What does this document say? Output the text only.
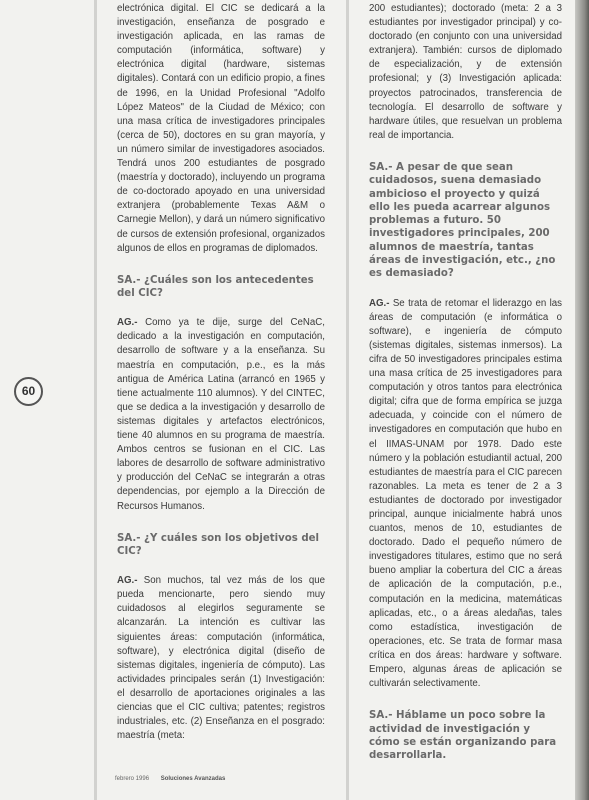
60

electrónica digital. El CIC se dedicará a la investigación, enseñanza de posgrado e investigación aplicada, en las ramas de computación (informática, software) y electrónica digital (hardware, sistemas digitales). Contará con un edificio propio, a fines de 1996, en la Unidad Profesional "Adolfo López Mateos" de la Ciudad de México; con una masa crítica de investigadores principales (cerca de 50), doctores en su gran mayoría, y un número similar de investigadores asociados. Tendrá unos 200 estudiantes de posgrado (maestría y doctorado), incluyendo un programa de co-doctorado apoyado en una universidad extranjera (probablemente Texas A&M o Carnegie Mellon), y dará un número significativo de cursos de extensión profesional, organizados algunos de ellos en programas de diplomados.

SA.- ¿Cuáles son los antecedentes del CIC?

AG.- Como ya te dije, surge del CeNaC, dedicado a la investigación en computación, desarrollo de software y a la enseñanza. Su maestría en computación, p.e., es la más antigua de América Latina (arrancó en 1965 y tiene actualmente 110 alumnos). Y del CINTEC, que se dedica a la investigación y desarrollo de sistemas digitales y artefactos electrónicos, tiene 40 alumnos en su programa de maestría. Ambos centros se fusionan en el CIC. Las labores de desarrollo de software administrativo y producción del CeNaC se integrarán a otras dependencias, por ejemplo a la Dirección de Recursos Humanos.

SA.- ¿Y cuáles son los objetivos del CIC?

AG.- Son muchos, tal vez más de los que pueda mencionarte, pero siendo muy cuidadosos al elegirlos seguramente se alcanzarán. La intención es cultivar las siguientes áreas: computación (informática, software), y electrónica digital (diseño de sistemas digitales, ingeniería de cómputo). Las actividades principales serán (1) Investigación: el desarrollo de aportaciones originales a las ciencias que el CIC cultiva; patentes; registros industriales, etc. (2) Enseñanza en el posgrado: maestría (meta:

200 estudiantes); doctorado (meta: 2 a 3 estudiantes por investigador principal) y co-doctorado (en conjunto con una universidad extranjera). También: cursos de diplomado de especialización, y de extensión profesional; y (3) Investigación aplicada: proyectos patrocinados, transferencia de tecnología. El desarrollo de software y hardware útiles, que resuelvan un problema real de importancia.

SA.- A pesar de que sean cuidadosos, suena demasiado ambicioso el proyecto y quizá ello les pueda acarrear algunos problemas a futuro. 50 investigadores principales, 200 alumnos de maestría, tantas áreas de investigación, etc., ¿no es demasiado?

AG.- Se trata de retomar el liderazgo en las áreas de computación (e informática o software), e ingeniería de cómputo (sistemas digitales, sistemas inmersos). La cifra de 50 investigadores principales estima una masa crítica de 25 investigadores para computación y otros tantos para electrónica digital; cifra que de forma empírica se juzga adecuada, y coincide con el número de investigadores en computación que hubo en el IIMAS-UNAM por 1978. Dado este número y la población estudiantil actual, 200 estudiantes de maestría para el CIC parecen razonables. La meta es tener de 2 a 3 estudiantes de doctorado por investigador principal, aunque inicialmente habrá unos cuantos, menos de 10, estudiantes de doctorado. Dado el pequeño número de investigadores titulares, estimo que no será bueno ampliar la cobertura del CIC a áreas de aplicación de la computación, p.e., computación en la medicina, matemáticas aplicadas, etc., o a áreas aledañas, tales como estadística, investigación de operaciones, etc. Se trata de formar masa crítica en dos áreas: hardware y software. Empero, algunas áreas de aplicación se cultivarán selectivamente.

SA.- Háblame un poco sobre la actividad de investigación y cómo se están organizando para desarrollarla.
febrero 1996 Soluciones Avanzadas
